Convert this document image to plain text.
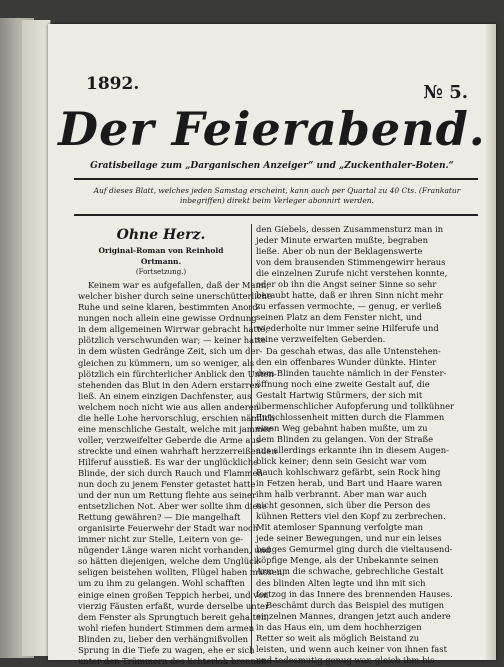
1892.	№ 5.
Der Feierabend.
Gratisbeilage zum „Darganischen Anzeiger“ und „Zuckenthaler-Boten.“
Auf dieses Blatt, welches jeden Samstag erscheint, kann auch per Quartal zu 40 Cts. (Frankatur inbegriffen) direkt beim Verleger abonnirt werden.
Ohne Herz.
Original-Roman von Reinhold Ortmann.
(Fortsetzung.)
Keinem war es aufgefallen, daß der Mann,
welcher bisher durch seine unerschütterliche
Ruhe und seine klaren, bestimmten Anord-
nungen noch allein eine gewisse Ordnung
in dem allgemeinen Wirrwar gebracht hatte,
plötzlich verschwunden war; — keiner hatte
in dem wüsten Gedränge Zeit, sich um der-
gleichen zu kümmern, um so weniger, als
plötzlich ein fürchterlicher Anblick den Unten-
stehenden das Blut in den Adern erstarren
ließ. An einem einzigen Dachfenster, aus
welchem noch nicht wie aus allen anderen
die helle Lohe hervorschlug, erschien nämlich
eine menschliche Gestalt, welche mit jammer-
voller, verzweifelter Geberde die Arme aus-
streckte und einen wahrhaft herzzerreißenden
Hilferuf ausstieß. Es war der unglückliche
Blinde, der sich durch Rauch und Flammen
nun doch zu jenem Fenster getastet hatte
und der nun um Rettung flehte aus seiner
entsetzlichen Not. Aber wer sollte ihm diese
Rettung gewähren? — Die mangelhaft
organisirte Feuerwehr der Stadt war noch
immer nicht zur Stelle, Leitern von ge-
nügender Länge waren nicht vorhanden, und
so hätten diejenigen, welche dem Unglück-
seligen beistehen wollten, Flügel haben müssen,
um zu ihm zu gelangen. Wohl schafften
einige einen großen Teppich herbei, und von
vierzig Fäusten erfaßt, wurde derselbe unter
dem Fenster als Sprungtuch bereit gehalten,
wohl riefen hundert Stimmen dem armen
Blinden zu, lieber den verhängnißvollen
Sprung in die Tiefe zu wagen, ehe er sich
unter den Trümmern des lichterloh brennen-
den Giebels, dessen Zusammensturz man in
jeder Minute erwarten mußte, begraben
ließe. Aber ob nun der Beklagenswerte
von dem brausenden Stimmengewirr heraus
die einzelnen Zurufe nicht verstehen konnte,
oder ob ihn die Angst seiner Sinne so sehr
beraubt hatte, daß er ihren Sinn nicht mehr
zu erfassen vermochte, — genug, er verließ
seinen Platz an dem Fenster nicht, und
wiederholte nur immer seine Hilferufe und
seine verzweifelten Geberden.
Da geschah etwas, das alle Untenstehen-
den ein offenbares Wunder dünkte. Hinter
dem Blinden tauchte nämlich in der Fenster-
öffnung noch eine zweite Gestalt auf, die
Gestalt Hartwig Stürmers, der sich mit
übermenschlicher Aufopferung und tollkühner
Entschlossenheit mitten durch die Flammen
einen Weg gebahnt haben mußte, um zu
dem Blinden zu gelangen. Von der Straße
aus allerdings erkannte ihn in diesem Augen-
blick keiner; denn sein Gesicht war vom
Rauch kohlschwarz gefärbt, sein Rock hing
in Fetzen herab, und Bart und Haare waren
ihm halb verbrannt. Aber man war auch
nicht gesonnen, sich über die Person des
kühnen Retters viel den Kopf zu zerbrechen.
Mit atemloser Spannung verfolgte man
jede seiner Bewegungen, und nur ein leises
banges Gemurmel ging durch die vieltausend-
köpfige Menge, als der Unbekannte seinen
Arm um die schwache, gebrechliche Gestalt
des blinden Alten legte und ihn mit sich
fortzog in das Innere des brennenden Hauses.
Beschämt durch das Beispiel des mutigen
einzelnen Mannes, drangen jetzt auch andere
in das Haus ein, um dem hochherzigen
Retter so weit als möglich Beistand zu
leisten, und wenn auch keiner von ihnen fast
und todesmutig genug war, gleich ihm bis
